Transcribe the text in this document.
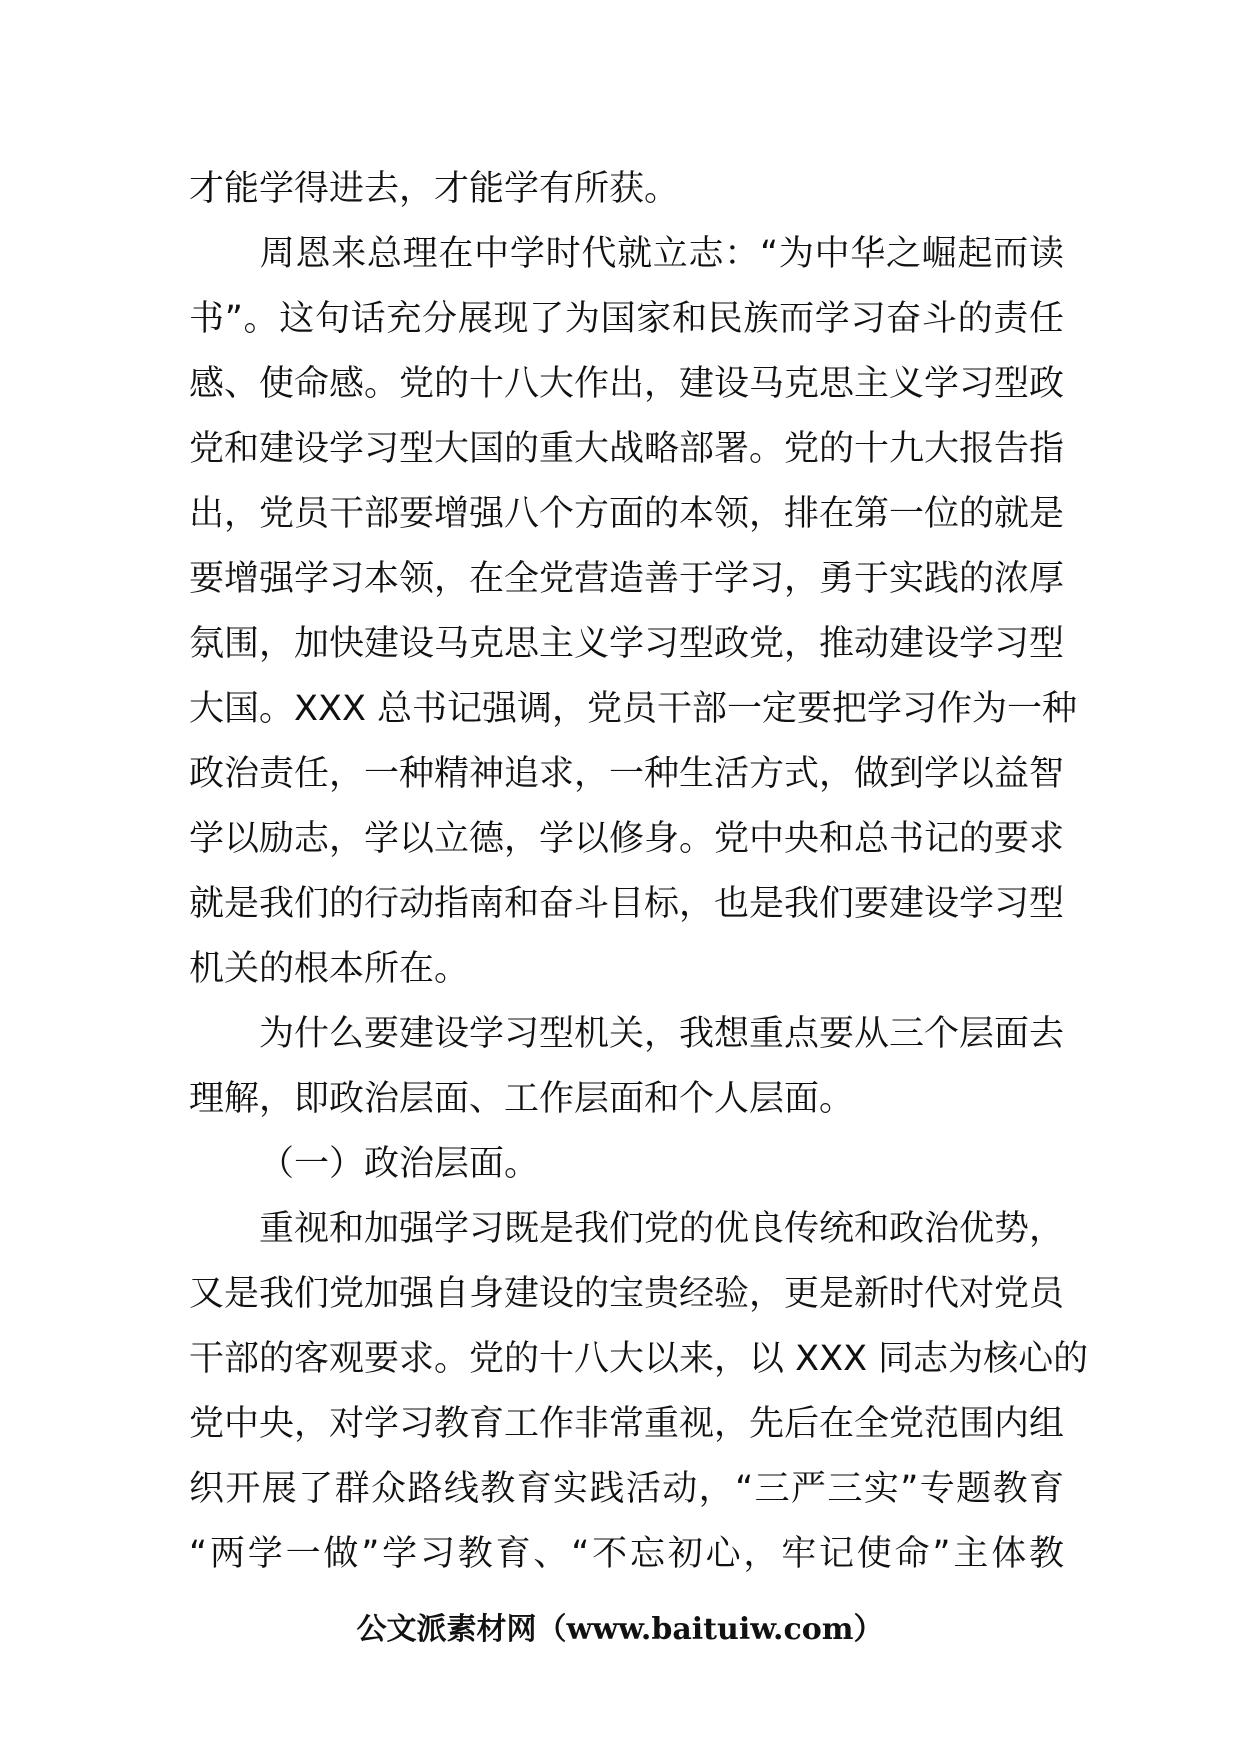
才能学得进去，才能学有所获。
周恩来总理在中学时代就立志：“为中华之崛起而读
书”。这句话充分展现了为国家和民族而学习奋斗的责任
感、使命感。党的十八大作出，建设马克思主义学习型政
党和建设学习型大国的重大战略部署。党的十九大报告指
出，党员干部要增强八个方面的本领，排在第一位的就是
要增强学习本领，在全党营造善于学习，勇于实践的浓厚
氛围，加快建设马克思主义学习型政党，推动建设学习型
大国。XXX 总书记强调，党员干部一定要把学习作为一种
政治责任，一种精神追求，一种生活方式，做到学以益智
学以励志，学以立德，学以修身。党中央和总书记的要求
就是我们的行动指南和奋斗目标，也是我们要建设学习型
机关的根本所在。
为什么要建设学习型机关，我想重点要从三个层面去
理解，即政治层面、工作层面和个人层面。
（一）政治层面。
重视和加强学习既是我们党的优良传统和政治优势，
又是我们党加强自身建设的宝贵经验，更是新时代对党员
干部的客观要求。党的十八大以来，以 XXX 同志为核心的
党中央，对学习教育工作非常重视，先后在全党范围内组
织开展了群众路线教育实践活动，“三严三实”专题教育
“两学一做”学习教育、“不忘初心，牢记使命”主体教
公文派素材网（www.baituiw.com）
